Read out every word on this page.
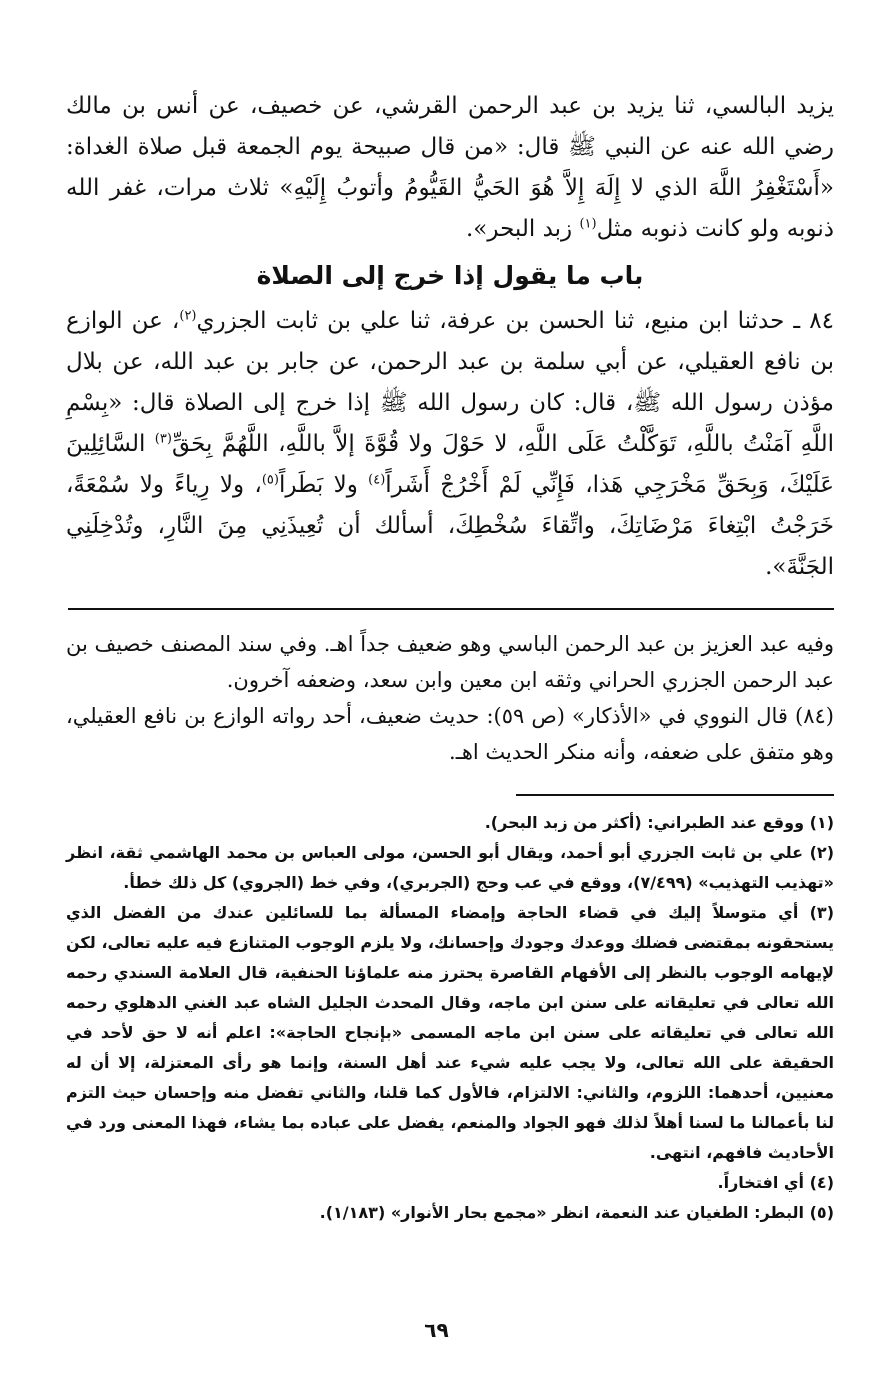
يزيد البالسي، ثنا يزيد بن عبد الرحمن القرشي، عن خصيف، عن أنس بن مالك رضي الله عنه عن النبي ﷺ قال: «من قال صبيحة يوم الجمعة قبل صلاة الغداة: «أَسْتَغْفِرُ اللَّهَ الذي لا إِلَهَ إِلاَّ هُوَ الحَيُّ القَيُّومُ وأتوبُ إِلَيْهِ» ثلاث مرات، غفر الله ذنوبه ولو كانت ذنوبه مثل$^{(١)}$ زبد البحر».

باب ما يقول إذا خرج إلى الصلاة

٨٤ ـ حدثنا ابن منيع، ثنا الحسن بن عرفة، ثنا علي بن ثابت الجزري$^{(٢)}$، عن الوازع بن نافع العقيلي، عن أبي سلمة بن عبد الرحمن، عن جابر بن عبد الله، عن بلال مؤذن رسول الله ﷺ، قال: كان رسول الله ﷺ إذا خرج إلى الصلاة قال: «بِسْمِ اللَّهِ آمَنْتُ باللَّهِ، تَوَكَّلْتُ عَلَى اللَّهِ، لا حَوْلَ ولا قُوَّةَ إلاَّ باللَّهِ، اللَّهُمَّ بِحَقِّ$^{(٣)}$ السَّائِلِينَ عَلَيْكَ، وَبِحَقِّ مَخْرَجِي هَذا، فَإِنِّي لَمْ أَخْرُجْ أَشَراً$^{(٤)}$ ولا بَطَراً$^{(٥)}$، ولا رِياءً ولا سُمْعَةً، خَرَجْتُ ابْتِغاءَ مَرْضَاتِكَ، واتِّقاءَ سُخْطِكَ، أسألك أن تُعِيذَنِي مِنَ النَّارِ، وتُدْخِلَنِي الجَنَّةَ».

وفيه عبد العزيز بن عبد الرحمن الباسي وهو ضعيف جداً اهـ. وفي سند المصنف خصيف بن عبد الرحمن الجزري الحراني وثقه ابن معين وابن سعد، وضعفه آخرون.

(٨٤) قال النووي في «الأذكار» (ص ٥٩): حديث ضعيف، أحد رواته الوازع بن نافع العقيلي، وهو متفق على ضعفه، وأنه منكر الحديث اهـ.

(١) ووقع عند الطبراني: (أكثر من زبد البحر).

(٢) علي بن ثابت الجزري أبو أحمد، ويقال أبو الحسن، مولى العباس بن محمد الهاشمي ثقة، انظر «تهذيب التهذيب» (٧/٤٩٩)، ووقع في عب وحج (الجربري)، وفي خط (الجروي) كل ذلك خطأ.

(٣) أي متوسلاً إليك في قضاء الحاجة وإمضاء المسألة بما للسائلين عندك من الفضل الذي يستحقونه بمقتضى فضلك ووعدك وجودك وإحسانك، ولا يلزم الوجوب المتنازع فيه عليه تعالى، لكن لإيهامه الوجوب بالنظر إلى الأفهام القاصرة يحترز منه علماؤنا الحنفية، قال العلامة السندي رحمه الله تعالى في تعليقاته على سنن ابن ماجه، وقال المحدث الجليل الشاه عبد الغني الدهلوي رحمه الله تعالى في تعليقاته على سنن ابن ماجه المسمى «بإنجاح الحاجة»: اعلم أنه لا حق لأحد في الحقيقة على الله تعالى، ولا يجب عليه شيء عند أهل السنة، وإنما هو رأى المعتزلة، إلا أن له معنيين، أحدهما: اللزوم، والثاني: الالتزام، فالأول كما قلنا، والثاني تفضل منه وإحسان حيث التزم لنا بأعمالنا ما لسنا أهلاً لذلك فهو الجواد والمنعم، يفضل على عباده بما يشاء، فهذا المعنى ورد في الأحاديث فافهم، انتهى.

(٤) أي افتخاراً.

(٥) البطر: الطغيان عند النعمة، انظر «مجمع بحار الأنوار» (١/١٨٣).

٦٩
